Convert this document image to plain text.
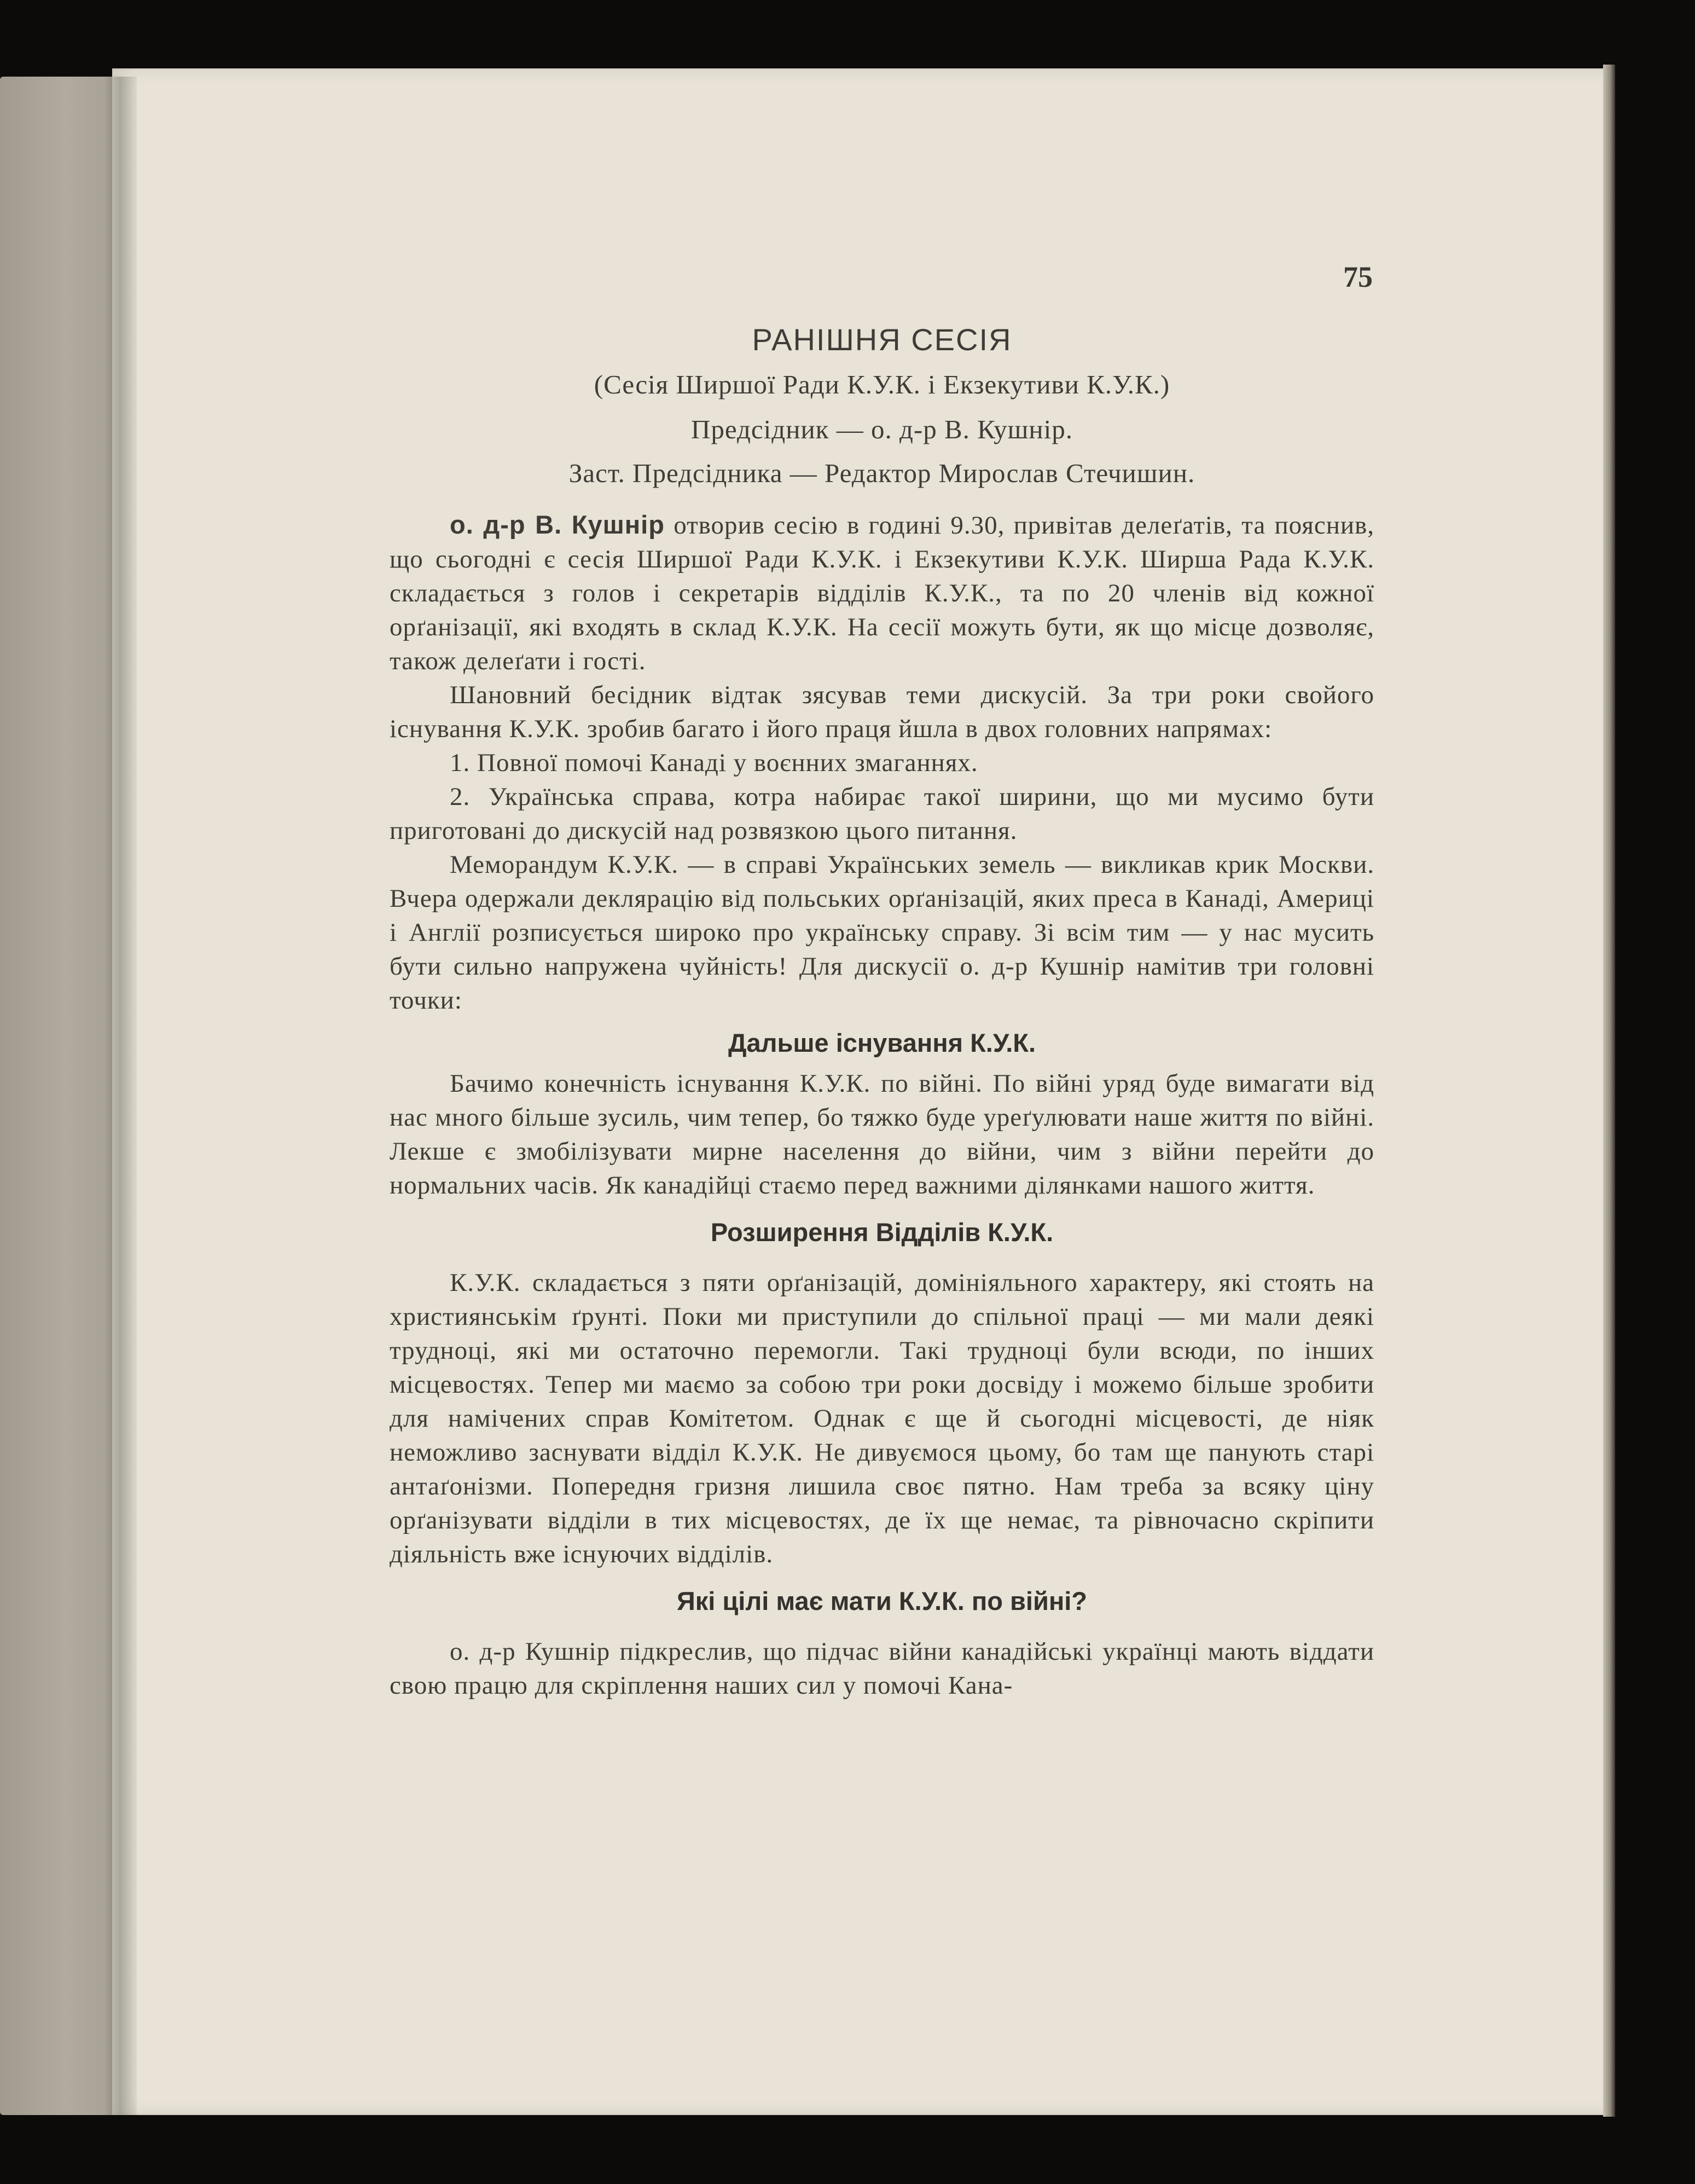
75
РАНІШНЯ СЕСІЯ
(Сесія Ширшої Ради К.У.К. і Екзекутиви К.У.К.)
Предсідник — о. д-р В. Кушнір.
Заст. Предсідника — Редактор Мирослав Стечишин.

о. д-р В. Кушнір отворив сесію в годині 9.30, привітав делеґатів, та пояснив, що сьогодні є сесія Ширшої Ради К.У.К. і Екзекутиви К.У.К. Ширша Рада К.У.К. складається з голов і секретарів відділів К.У.К., та по 20 членів від кожної орґанізації, які входять в склад К.У.К. На сесії можуть бути, як що місце дозволяє, також делеґати і гості.

Шановний бесідник відтак зясував теми дискусій. За три роки свойого існування К.У.К. зробив багато і його праця йшла в двох головних напрямах:

1. Повної помочі Канаді у воєнних змаганнях.

2. Українська справа, котра набирає такої ширини, що ми мусимо бути приготовані до дискусій над розвязкою цього питання.

Меморандум К.У.К. — в справі Українських земель — викликав крик Москви. Вчера одержали деклярацію від польських орґанізацій, яких преса в Канаді, Америці і Англії розписується широко про українську справу. Зі всім тим — у нас мусить бути сильно напружена чуйність! Для дискусії о. д-р Кушнір намітив три головні точки:

Дальше існування К.У.К.

Бачимо конечність існування К.У.К. по війні. По війні уряд буде вимагати від нас много більше зусиль, чим тепер, бо тяжко буде уреґулювати наше життя по війні. Лекше є змобілізувати мирне населення до війни, чим з війни перейти до нормальних часів. Як канадійці стаємо перед важними ділянками нашого життя.

Розширення Відділів К.У.К.

К.У.К. складається з пяти орґанізацій, домініяльного характеру, які стоять на християнськім ґрунті. Поки ми приступили до спільної праці — ми мали деякі трудноці, які ми остаточно перемогли. Такі трудноці були всюди, по інших місцевостях. Тепер ми маємо за собою три роки досвіду і можемо більше зробити для намічених справ Комітетом. Однак є ще й сьогодні місцевості, де ніяк неможливо заснувати відділ К.У.К. Не дивуємося цьому, бо там ще панують старі антаґонізми. Попередня гризня лишила своє пятно. Нам треба за всяку ціну орґанізувати відділи в тих місцевостях, де їх ще немає, та рівночасно скріпити діяльність вже існуючих відділів.

Які цілі має мати К.У.К. по війні?

о. д-р Кушнір підкреслив, що підчас війни канадійські українці мають віддати свою працю для скріплення наших сил у помочі Кана-
